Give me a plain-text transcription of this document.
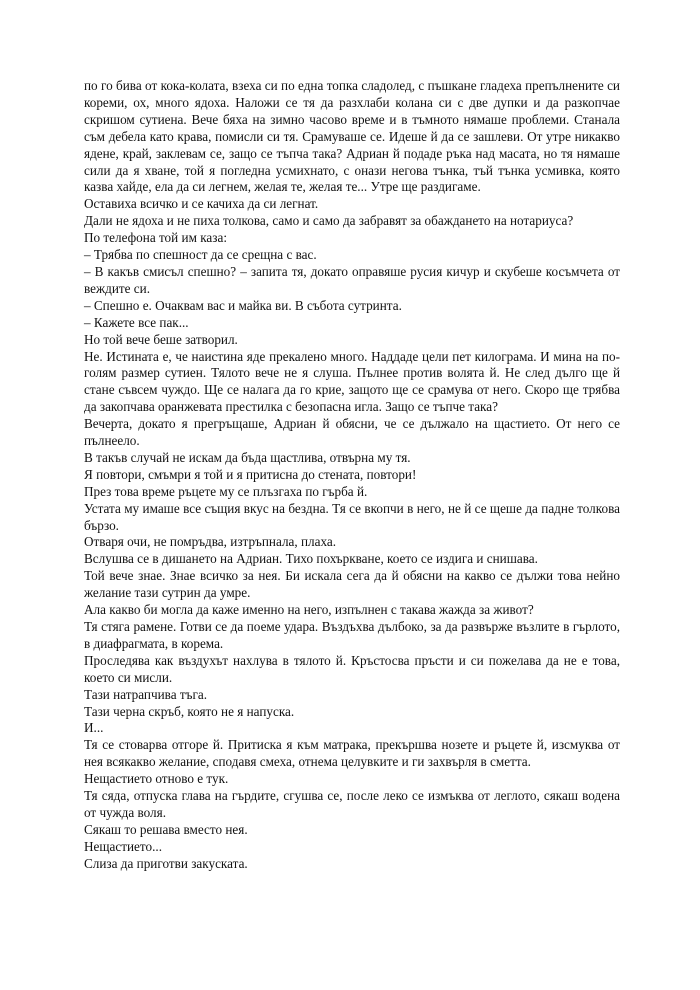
по го бива от кока-колата, взеха си по една топка сладолед, с пъшкане гладеха препълнените си кореми, ох, много ядоха. Наложи се тя да разхлаби колана си с две дупки и да разкопчае скришом сутиена. Вече бяха на зимно часово време и в тъмното нямаше проблеми. Станала съм дебела като крава, помисли си тя. Срамуваше се. Идеше й да се зашлеви. От утре никакво ядене, край, заклевам се, защо се тъпча така? Адриан й подаде ръка над масата, но тя нямаше сили да я хване, той я погледна усмихнато, с онази негова тънка, тъй тънка усмивка, която казва хайде, ела да си легнем, желая те, желая те... Утре ще раздигаме.

Оставиха всичко и се качиха да си легнат.

Дали не ядоха и не пиха толкова, само и само да забравят за обаждането на нотариуса?

По телефона той им каза:

– Трябва по спешност да се срещна с вас.

– В какъв смисъл спешно? – запита тя, докато оправяше русия кичур и скубеше косъмчета от веждите си.

– Спешно е. Очаквам вас и майка ви. В събота сутринта.

– Кажете все пак...

Но той вече беше затворил.

Не. Истината е, че наистина яде прекалено много. Наддаде цели пет килограма. И мина на по-голям размер сутиен. Тялото вече не я слуша. Пълнее против волята й. Не след дълго ще й стане съвсем чуждо. Ще се налага да го крие, защото ще се срамува от него. Скоро ще трябва да закопчава оранжевата престилка с безопасна игла. Защо се тъпче така?

Вечерта, докато я прегръщаше, Адриан й обясни, че се дължало на щастието. От него се пълнеело.

В такъв случай не искам да бъда щастлива, отвърна му тя.

Я повтори, смъмри я той и я притисна до стената, повтори!

През това време ръцете му се плъзгаха по гърба й.

Устата му имаше все същия вкус на бездна. Тя се вкопчи в него, не й се щеше да падне толкова бързо.

Отваря очи, не помръдва, изтръпнала, плаха.

Вслушва се в дишането на Адриан. Тихо похъркване, което се издига и снишава.

Той вече знае. Знае всичко за нея. Би искала сега да й обясни на какво се дължи това нейно желание тази сутрин да умре.

Ала какво би могла да каже именно на него, изпълнен с такава жажда за живот?

Тя стяга рамене. Готви се да поеме удара. Въздъхва дълбоко, за да развърже възлите в гърлото, в диафрагмата, в корема.

Проследява как въздухът нахлува в тялото й. Кръстосва пръсти и си пожелава да не е това, което си мисли.

Тази натрапчива тъга.

Тази черна скръб, която не я напуска.

И...

Тя се стоварва отгоре й. Притиска я към матрака, прекършва нозете и ръцете й, изсмуква от нея всякакво желание, сподавя смеха, отнема целувките и ги захвърля в сметта.

Нещастието отново е тук.

Тя сяда, отпуска глава на гърдите, сгушва се, после леко се измъква от леглото, сякаш водена от чужда воля.

Сякаш то решава вместо нея.

Нещастието...

Слиза да приготви закуската.
